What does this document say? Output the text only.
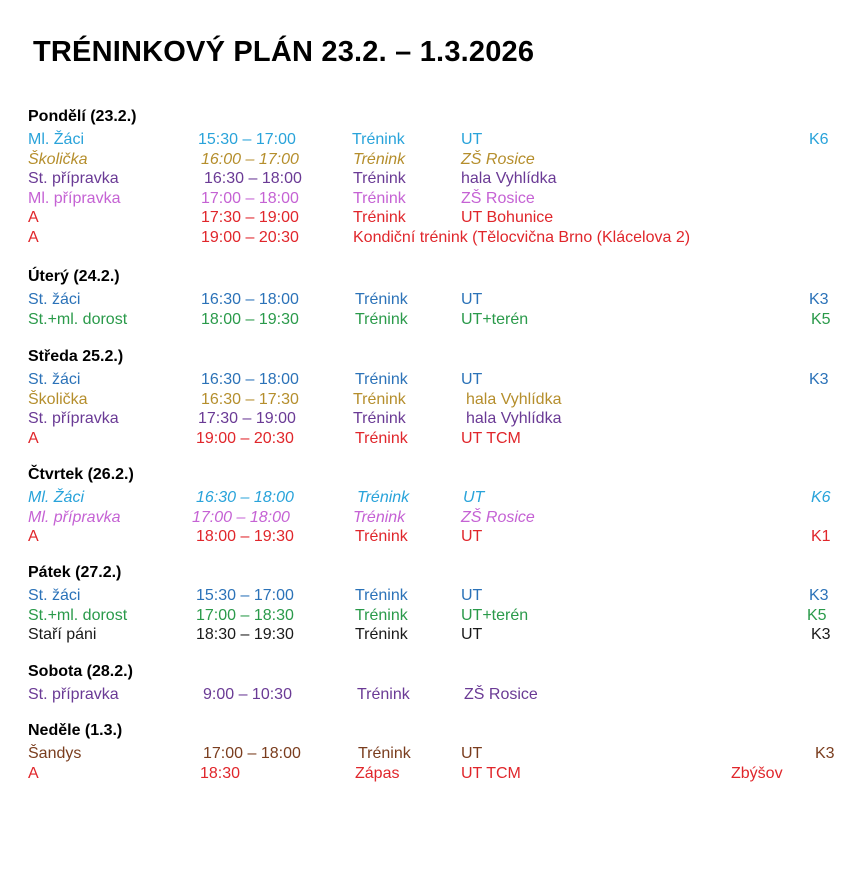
TRÉNINKOVÝ PLÁN 23.2. – 1.3.2026
Pondělí (23.2.)
Ml. Žáci	15:30 – 17:00	Trénink	UT	K6
Školička	16:00 – 17:00	Trénink	ZŠ Rosice
St. přípravka	16:30 – 18:00	Trénink	hala Vyhlídka
Ml. přípravka	17:00 – 18:00	Trénink	ZŠ Rosice
A	17:30 – 19:00	Trénink	UT Bohunice
A	19:00 – 20:30	Kondiční trénink (Tělocvična Brno (Klácelova 2)
Úterý (24.2.)
St. žáci	16:30 – 18:00	Trénink	UT	K3
St.+ml. dorost	18:00 – 19:30	Trénink	UT+terén	K5
Středa 25.2.)
St. žáci	16:30 – 18:00	Trénink	UT	K3
Školička	16:30 – 17:30	Trénink	hala Vyhlídka
St. přípravka	17:30 – 19:00	Trénink	hala Vyhlídka
A	19:00 – 20:30	Trénink	UT TCM
Čtvrtek (26.2.)
Ml. Žáci	16:30 – 18:00	Trénink	UT	K6
Ml. přípravka	17:00 – 18:00	Trénink	ZŠ Rosice
A	18:00 – 19:30	Trénink	UT	K1
Pátek (27.2.)
St. žáci	15:30 – 17:00	Trénink	UT	K3
St.+ml. dorost	17:00 – 18:30	Trénink	UT+terén	K5
Staří páni	18:30 – 19:30	Trénink	UT	K3
Sobota (28.2.)
St. přípravka	9:00 – 10:30	Trénink	ZŠ Rosice
Neděle (1.3.)
Šandys	17:00 – 18:00	Trénink	UT	K3
A	18:30	Zápas	UT TCM	Zbýšov
